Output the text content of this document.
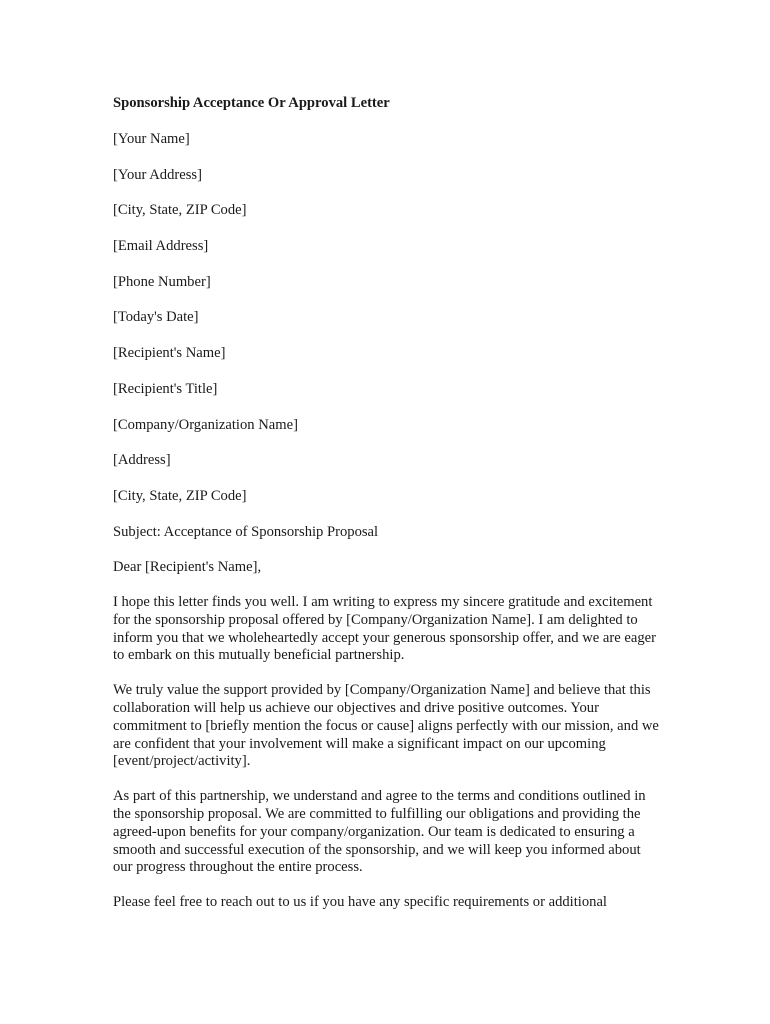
Sponsorship Acceptance Or Approval Letter
[Your Name]
[Your Address]
[City, State, ZIP Code]
[Email Address]
[Phone Number]
[Today's Date]
[Recipient's Name]
[Recipient's Title]
[Company/Organization Name]
[Address]
[City, State, ZIP Code]
Subject: Acceptance of Sponsorship Proposal
Dear [Recipient's Name],
I hope this letter finds you well. I am writing to express my sincere gratitude and excitement for the sponsorship proposal offered by [Company/Organization Name]. I am delighted to inform you that we wholeheartedly accept your generous sponsorship offer, and we are eager to embark on this mutually beneficial partnership.
We truly value the support provided by [Company/Organization Name] and believe that this collaboration will help us achieve our objectives and drive positive outcomes. Your commitment to [briefly mention the focus or cause] aligns perfectly with our mission, and we are confident that your involvement will make a significant impact on our upcoming [event/project/activity].
As part of this partnership, we understand and agree to the terms and conditions outlined in the sponsorship proposal. We are committed to fulfilling our obligations and providing the agreed-upon benefits for your company/organization. Our team is dedicated to ensuring a smooth and successful execution of the sponsorship, and we will keep you informed about our progress throughout the entire process.
Please feel free to reach out to us if you have any specific requirements or additional
